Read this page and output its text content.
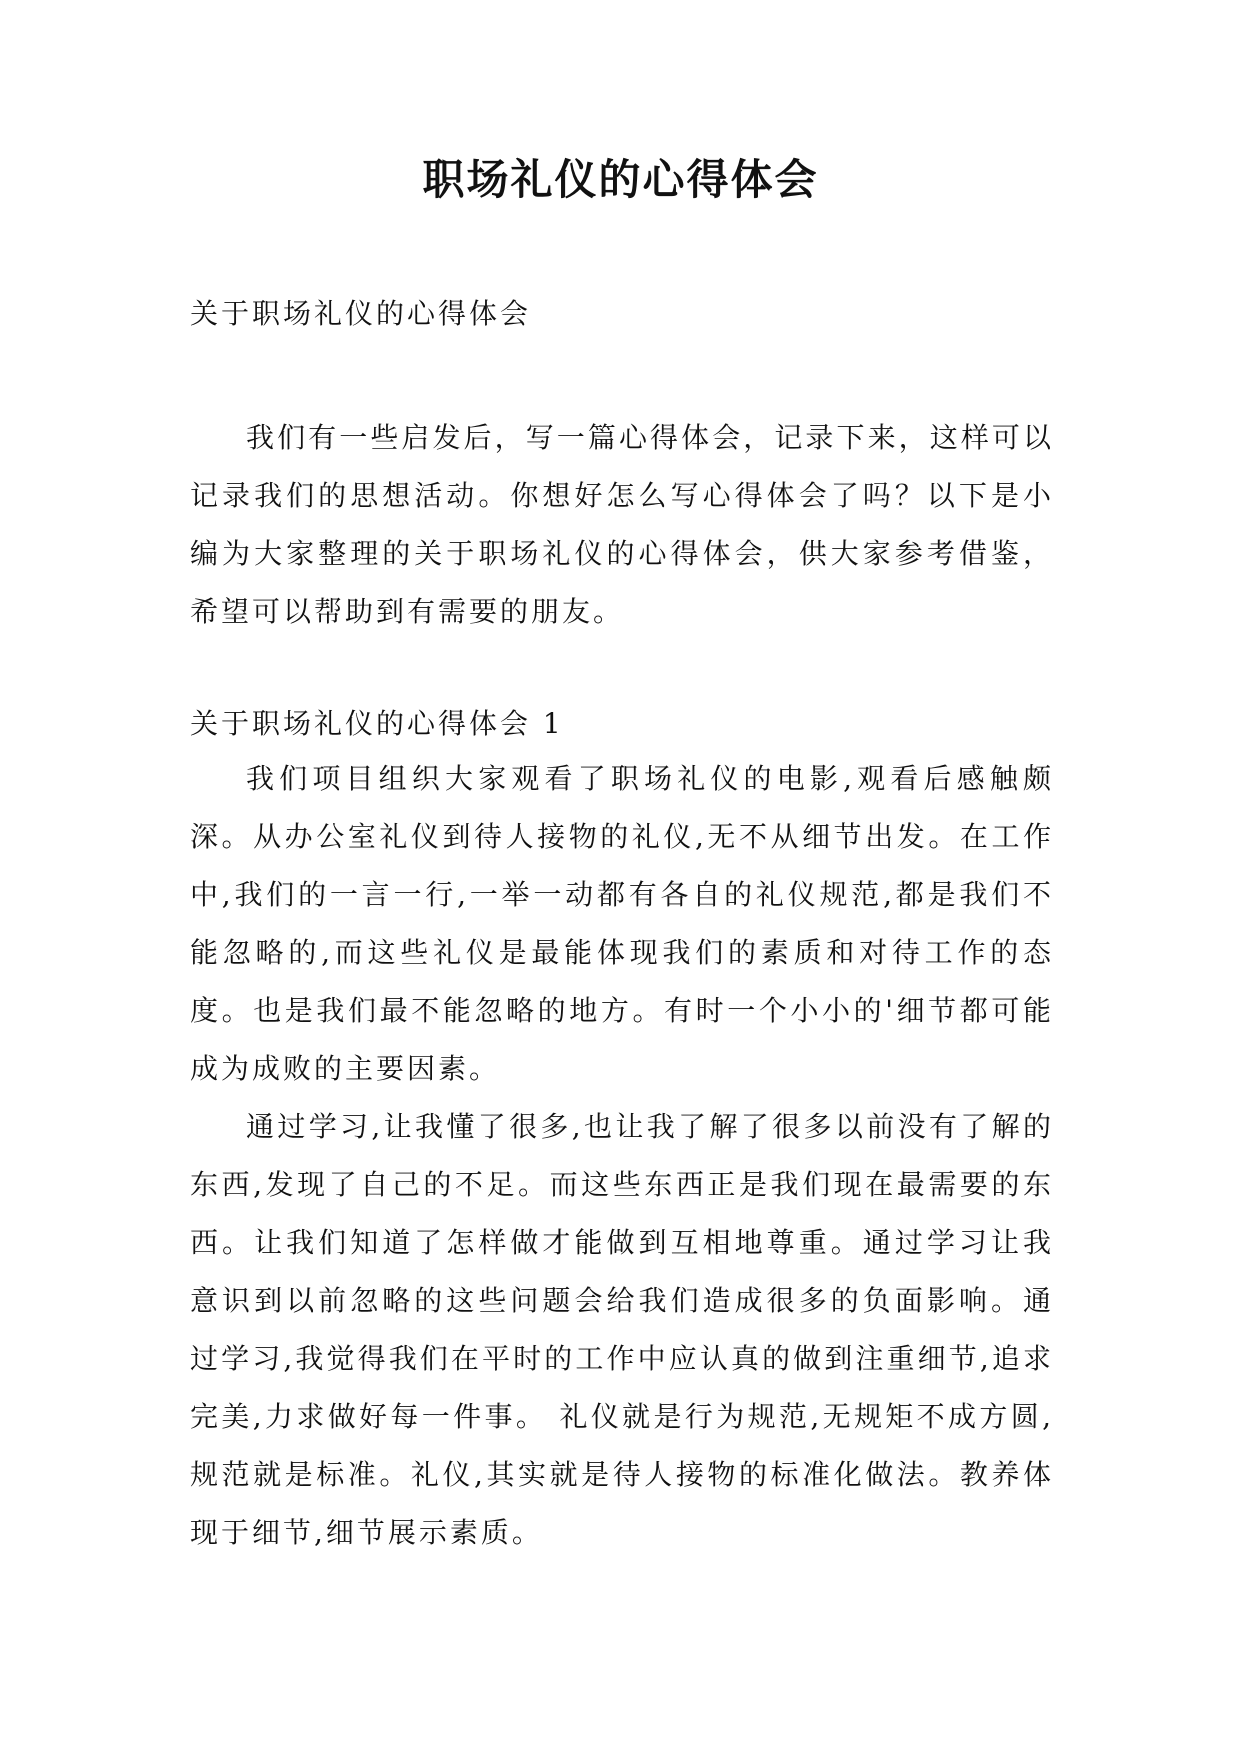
职场礼仪的心得体会
关于职场礼仪的心得体会

我们有一些启发后，写一篇心得体会，记录下来，这样可以记录我们的思想活动。你想好怎么写心得体会了吗？以下是小编为大家整理的关于职场礼仪的心得体会，供大家参考借鉴，希望可以帮助到有需要的朋友。

关于职场礼仪的心得体会 1

我们项目组织大家观看了职场礼仪的电影,观看后感触颇深。从办公室礼仪到待人接物的礼仪,无不从细节出发。在工作中,我们的一言一行,一举一动都有各自的礼仪规范,都是我们不能忽略的,而这些礼仪是最能体现我们的素质和对待工作的态度。也是我们最不能忽略的地方。有时一个小小的'细节都可能成为成败的主要因素。

通过学习,让我懂了很多,也让我了解了很多以前没有了解的东西,发现了自己的不足。而这些东西正是我们现在最需要的东西。让我们知道了怎样做才能做到互相地尊重。通过学习让我意识到以前忽略的这些问题会给我们造成很多的负面影响。通过学习,我觉得我们在平时的工作中应认真的做到注重细节,追求完美,力求做好每一件事。 礼仪就是行为规范,无规矩不成方圆,规范就是标准。礼仪,其实就是待人接物的标准化做法。教养体现于细节,细节展示素质。
